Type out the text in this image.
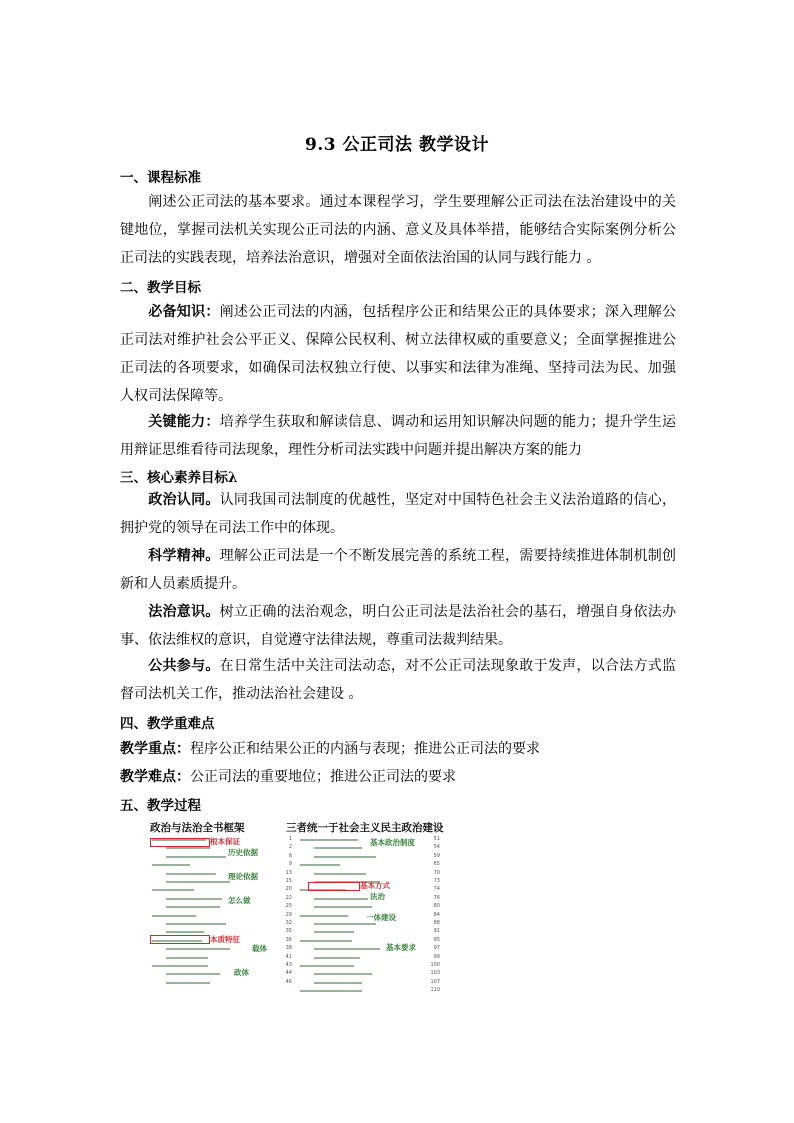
9.3 公正司法 教学设计
一、课程标准
阐述公正司法的基本要求。通过本课程学习，学生要理解公正司法在法治建设中的关键地位，掌握司法机关实现公正司法的内涵、意义及具体举措，能够结合实际案例分析公正司法的实践表现，培养法治意识，增强对全面依法治国的认同与践行能力 。
二、教学目标
必备知识：阐述公正司法的内涵，包括程序公正和结果公正的具体要求；深入理解公正司法对维护社会公平正义、保障公民权利、树立法律权威的重要意义；全面掌握推进公正司法的各项要求，如确保司法权独立行使、以事实和法律为准绳、坚持司法为民、加强人权司法保障等。
关键能力：培养学生获取和解读信息、调动和运用知识解决问题的能力；提升学生运用辩证思维看待司法现象，理性分析司法实践中问题并提出解决方案的能力
三、核心素养目标λ
政治认同。认同我国司法制度的优越性，坚定对中国特色社会主义法治道路的信心，拥护党的领导在司法工作中的体现。
科学精神。理解公正司法是一个不断发展完善的系统工程，需要持续推进体制机制创新和人员素质提升。
法治意识。树立正确的法治观念，明白公正司法是法治社会的基石，增强自身依法办事、依法维权的意识，自觉遵守法律法规，尊重司法裁判结果。
公共参与。在日常生活中关注司法动态，对不公正司法现象敢于发声，以合法方式监督司法机关工作，推动法治社会建设 。
四、教学重难点
教学重点：程序公正和结果公正的内涵与表现；推进公正司法的要求
教学难点：公正司法的重要地位；推进公正司法的要求
五、教学过程
政治与法治全书框架	三者统一于社会主义民主政治建设
1
2
6
9
13
15
20
22
25
29
32
35
36
38
41
43
44
46
51
54
59
65
70
73
74
76
80
84
88
91
95
97
99
100
103
107
110
根本保证
历史依据
理论依据
怎么做
本质特征
载体
政体
基本政治制度
基本方式
法治
一体建设
基本要求
